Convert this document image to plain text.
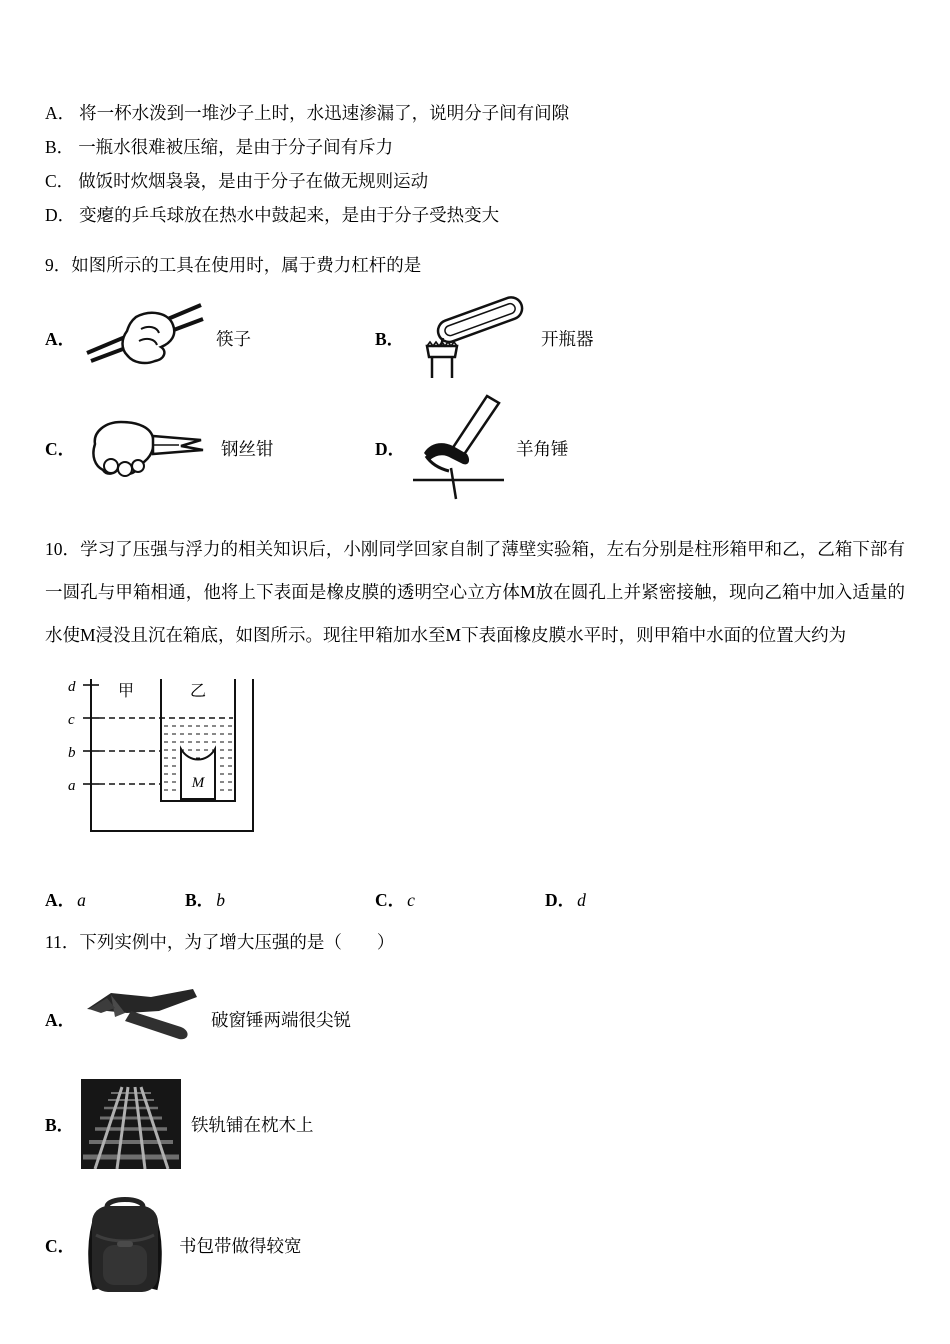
A． 将一杯水泼到一堆沙子上时，水迅速渗漏了，说明分子间有间隙

B． 一瓶水很难被压缩，是由于分子间有斥力

C． 做饭时炊烟袅袅，是由于分子在做无规则运动

D． 变瘪的乒乓球放在热水中鼓起来，是由于分子受热变大

9．如图所示的工具在使用时，属于费力杠杆的是

A．	筷子	B．	开瓶器
C．	钢丝钳	D．	羊角锤

10．学习了压强与浮力的相关知识后，小刚同学回家自制了薄壁实验箱，左右分别是柱形箱甲和乙，乙箱下部有一圆孔与甲箱相通，他将上下表面是橡皮膜的透明空心立方体M放在圆孔上并紧密接触，现向乙箱中加入适量的水使M浸没且沉在箱底，如图所示。现往甲箱加水至M下表面橡皮膜水平时，则甲箱中水面的位置大约为

M
甲	乙
d
c
b
a
A． a	B． b	C． c	D． d

11．下列实例中，为了增大压强的是（　　）

A．	破窗锤两端很尖锐
B．	铁轨铺在枕木上
C．	书包带做得较宽
